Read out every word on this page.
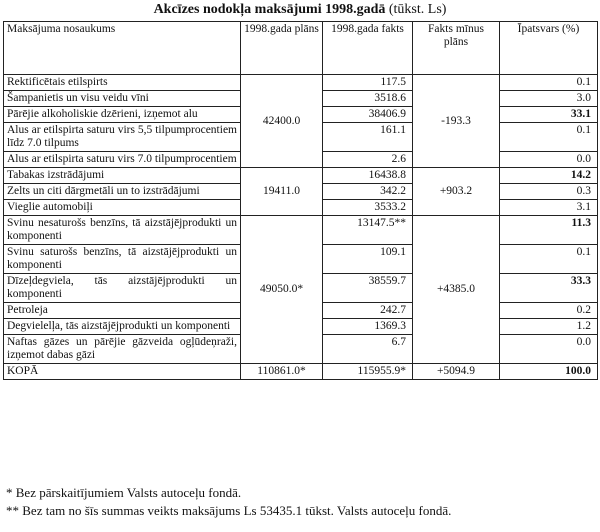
Akcīzes nodokļa maksājumi 1998.gadā (tūkst. Ls)
Maksājuma nosaukums	1998.gada plāns	1998.gada fakts	Fakts mīnus plāns	Īpatsvars (%)
Rektificētais etilspirts	42400.0	117.5	-193.3	0.1
Šampanietis un visu veidu vīni		3518.6		3.0
Pārējie alkoholiskie dzērieni, izņemot alu		38406.9		33.1
Alus ar etilspirta saturu virs 5,5 tilpumprocentiem līdz 7.0 tilpums		161.1		0.1
Alus ar etilspirta saturu virs 7.0 tilpumprocentiem		2.6		0.0
Tabakas izstrādājumi	19411.0	16438.8	+903.2	14.2
Zelts un citi dārgmetāli un to izstrādājumi		342.2		0.3
Vieglie automobiļi		3533.2		3.1
Svinu nesaturošs benzīns, tā aizstājējprodukti un komponenti	49050.0*	13147.5**	+4385.0	11.3
Svinu saturošs benzīns, tā aizstājējprodukti un komponenti		109.1		0.1
Dīzeļdegviela, tās aizstājējprodukti un komponenti		38559.7		33.3
Petroleja		242.7		0.2
Degvielelļa, tās aizstājējprodukti un komponenti		1369.3		1.2
Naftas gāzes un pārējie gāzveida ogļūdeņraži, izņemot dabas gāzi		6.7		0.0
KOPĀ	110861.0*	115955.9*	+5094.9	100.0
* Bez pārskaitījumiem Valsts autoceļu fondā.
** Bez tam no šīs summas veikts maksājums Ls 53435.1 tūkst. Valsts autoceļu fondā.
